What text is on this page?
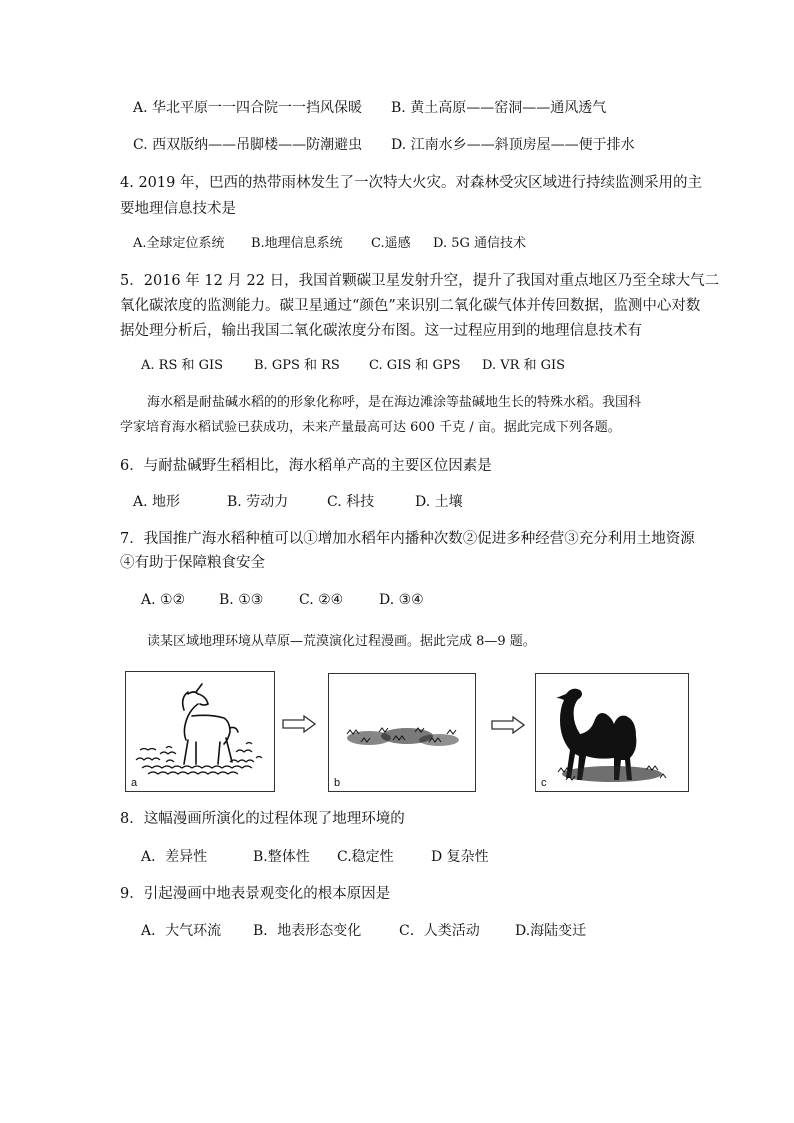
A. 华北平原一一四合院一一挡风保暖 B. 黄土高原——窑洞——通风透气
C. 西双版纳——吊脚楼——防潮避虫 D. 江南水乡——斜顶房屋——便于排水
4. 2019 年，巴西的热带雨林发生了一次特大火灾。对森林受灾区域进行持续监测采用的主
要地理信息技术是
A.全球定位系统 B.地理信息系统 C.遥感 D. 5G 通信技术
5．2016 年 12 月 22 日，我国首颗碳卫星发射升空，提升了我国对重点地区乃至全球大气二
氧化碳浓度的监测能力。碳卫星通过“颜色”来识别二氧化碳气体并传回数据，监测中心对数
据处理分析后，输出我国二氧化碳浓度分布图。这一过程应用到的地理信息技术有
A. RS 和 GIS B. GPS 和 RS C. GIS 和 GPS D. VR 和 GIS
海水稻是耐盐碱水稻的的形象化称呼，是在海边滩涂等盐碱地生长的特殊水稻。我国科
学家培育海水稻试验已获成功，未来产量最高可达 600 千克 / 亩。据此完成下列各题。
6．与耐盐碱野生稻相比，海水稻单产高的主要区位因素是
A. 地形	B. 劳动力	C. 科技	D. 土壤
7．我国推广海水稻种植可以①增加水稻年内播种次数②促进多种经营③充分利用土地资源
④有助于保障粮食安全
A. ①② B. ①③	C. ②④	D. ③④
读某区域地理环境从草原—荒漠演化过程漫画。据此完成 8—9 题。
a	b	c
8．这幅漫画所演化的过程体现了地理环境的
A．差异性	B.整体性 C.稳定性	D 复杂性
9．引起漫画中地表景观变化的根本原因是
A．大气环流 B．地表形态变化	C．人类活动	D.海陆变迁
